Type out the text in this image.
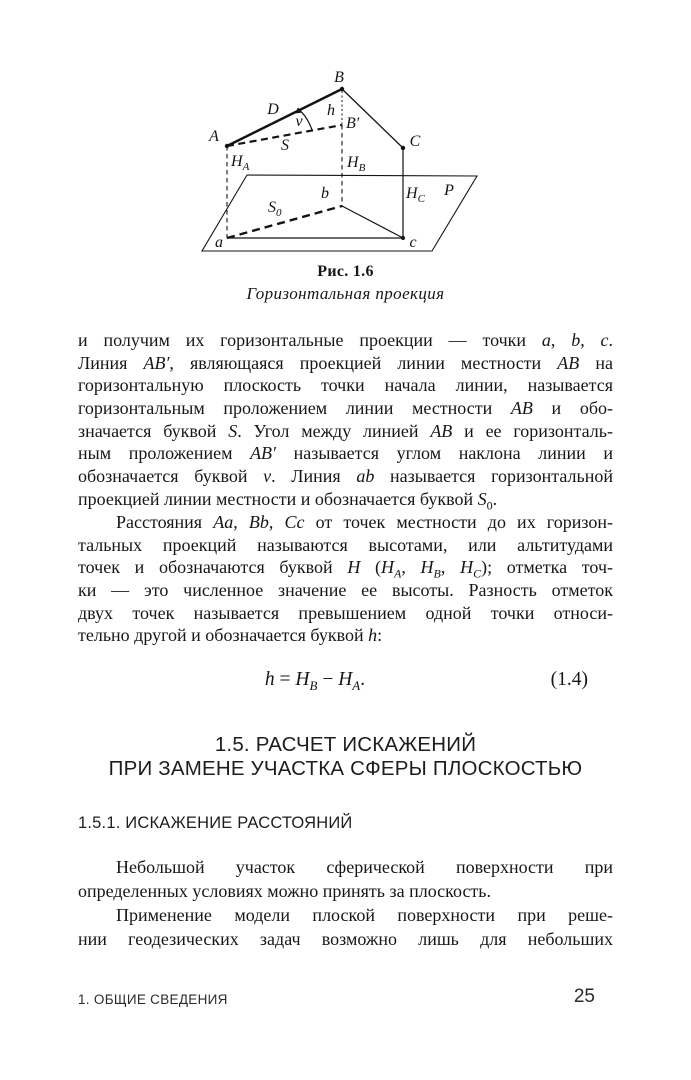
B
D	h
ν	B′
A
S	C
$H_A$	$H_B$
$H_C$ P
b
$S_0$
a	c
Рис. 1.6
Горизонтальная проекция
и получим их горизонтальные проекции — точки a, b, c.
Линия AB′, являющаяся проекцией линии местности AB на
горизонтальную плоскость точки начала линии, называется
горизонтальным проложением линии местности AB и обо-
значается буквой S. Угол между линией AB и ее горизонталь-
ным проложением AB′ называется углом наклона линии и
обозначается буквой ν. Линия ab называется горизонтальной
проекцией линии местности и обозначается буквой $S_0$.
Расстояния Aa, Bb, Cc от точек местности до их горизон-
тальных проекций называются высотами, или альтитудами
точек и обозначаются буквой H ($H_A$, $H_B$, $H_C$); отметка точ-
ки — это численное значение ее высоты. Разность отметок
двух точек называется превышением одной точки относи-
тельно другой и обозначается буквой h:
$h = H_B - H_A$.	(1.4)
1.5. РАСЧЕТ ИСКАЖЕНИЙ
ПРИ ЗАМЕНЕ УЧАСТКА СФЕРЫ ПЛОСКОСТЬЮ
1.5.1. ИСКАЖЕНИЕ РАССТОЯНИЙ
Небольшой участок сферической поверхности при
определенных условиях можно принять за плоскость.
Применение модели плоской поверхности при реше-
нии геодезических задач возможно лишь для небольших
1. ОБЩИЕ СВЕДЕНИЯ	25
